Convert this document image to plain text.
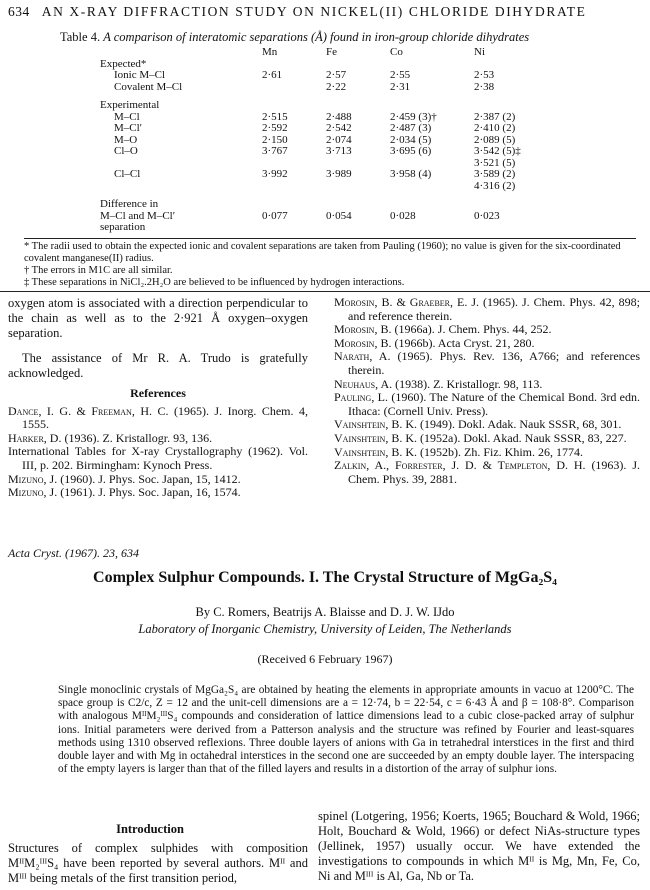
634 AN X-RAY DIFFRACTION STUDY ON NICKEL(II) CHLORIDE DIHYDRATE
Table 4. A comparison of interatomic separations (Å) found in iron-group chloride dihydrates
	Mn	Fe	Co	Ni
Expected*				
Ionic M–Cl	2·61	2·57	2·55	2·53
Covalent M–Cl		2·22	2·31	2·38

Experimental				
M–Cl	2·515	2·488	2·459 (3)†	2·387 (2)
M–Cl′	2·592	2·542	2·487 (3)	2·410 (2)
M–O	2·150	2·074	2·034 (5)	2·089 (5)
Cl–O	3·767	3·713	3·695 (6)	3·542 (5)‡
				3·521 (5)
Cl–Cl	3·992	3·989	3·958 (4)	3·589 (2)
				4·316 (2)

Difference in				
M–Cl and M–Cl′	0·077	0·054	0·028	0·023
separation				
* The radii used to obtain the expected ionic and covalent separations are taken from Pauling (1960); no value is given for the six-coordinated covalent manganese(II) radius.
† The errors in M1C are all similar.
‡ These separations in NiCl₂.2H₂O are believed to be influenced by hydrogen interactions.

oxygen atom is associated with a direction perpendicular to the chain as well as to the 2·921 Å oxygen–oxygen separation.

The assistance of Mr R. A. Trudo is gratefully acknowledged.

References

Dance, I. G. & Freeman, H. C. (1965). J. Inorg. Chem. 4, 1555.

Harker, D. (1936). Z. Kristallogr. 93, 136.

International Tables for X-ray Crystallography (1962). Vol. III, p. 202. Birmingham: Kynoch Press.

Mizuno, J. (1960). J. Phys. Soc. Japan, 15, 1412.

Mizuno, J. (1961). J. Phys. Soc. Japan, 16, 1574.

Morosin, B. & Graeber, E. J. (1965). J. Chem. Phys. 42, 898; and reference therein.

Morosin, B. (1966a). J. Chem. Phys. 44, 252.

Morosin, B. (1966b). Acta Cryst. 21, 280.

Narath, A. (1965). Phys. Rev. 136, A766; and references therein.

Neuhaus, A. (1938). Z. Kristallogr. 98, 113.

Pauling, L. (1960). The Nature of the Chemical Bond. 3rd edn. Ithaca: (Cornell Univ. Press).

Vainshtein, B. K. (1949). Dokl. Adak. Nauk SSSR, 68, 301.

Vainshtein, B. K. (1952a). Dokl. Akad. Nauk SSSR, 83, 227.

Vainshtein, B. K. (1952b). Zh. Fiz. Khim. 26, 1774.

Zalkin, A., Forrester, J. D. & Templeton, D. H. (1963). J. Chem. Phys. 39, 2881.

Acta Cryst. (1967). 23, 634
Complex Sulphur Compounds. I. The Crystal Structure of MgGa₂S₄
By C. Romers, Beatrijs A. Blaisse and D. J. W. IJdo
Laboratory of Inorganic Chemistry, University of Leiden, The Netherlands
(Received 6 February 1967)
Single monoclinic crystals of MgGa₂S₄ are obtained by heating the elements in appropriate amounts in vacuo at 1200°C. The space group is C2/c, Z = 12 and the unit-cell dimensions are a = 12·74, b = 22·54, c = 6·43 Å and β = 108·8°. Comparison with analogous MᴵᴵM₂ᴵᴵᴵS₄ compounds and consideration of lattice dimensions lead to a cubic close-packed array of sulphur ions. Initial parameters were derived from a Patterson analysis and the structure was refined by Fourier and least-squares methods using 1310 observed reflexions. Three double layers of anions with Ga in tetrahedral interstices in the first and third double layer and with Mg in octahedral interstices in the second one are succeeded by an empty double layer. The interspacing of the empty layers is larger than that of the filled layers and results in a distortion of the array of sulphur ions.
Introduction
Structures of complex sulphides with composition MᴵᴵM₂ᴵᴵᴵS₄ have been reported by several authors. Mᴵᴵ and Mᴵᴵᴵ being metals of the first transition period,
spinel (Lotgering, 1956; Koerts, 1965; Bouchard & Wold, 1966; Holt, Bouchard & Wold, 1966) or defect NiAs-structure types (Jellinek, 1957) usually occur. We have extended the investigations to compounds in which Mᴵᴵ is Mg, Mn, Fe, Co, Ni and Mᴵᴵᴵ is Al, Ga, Nb or Ta.
